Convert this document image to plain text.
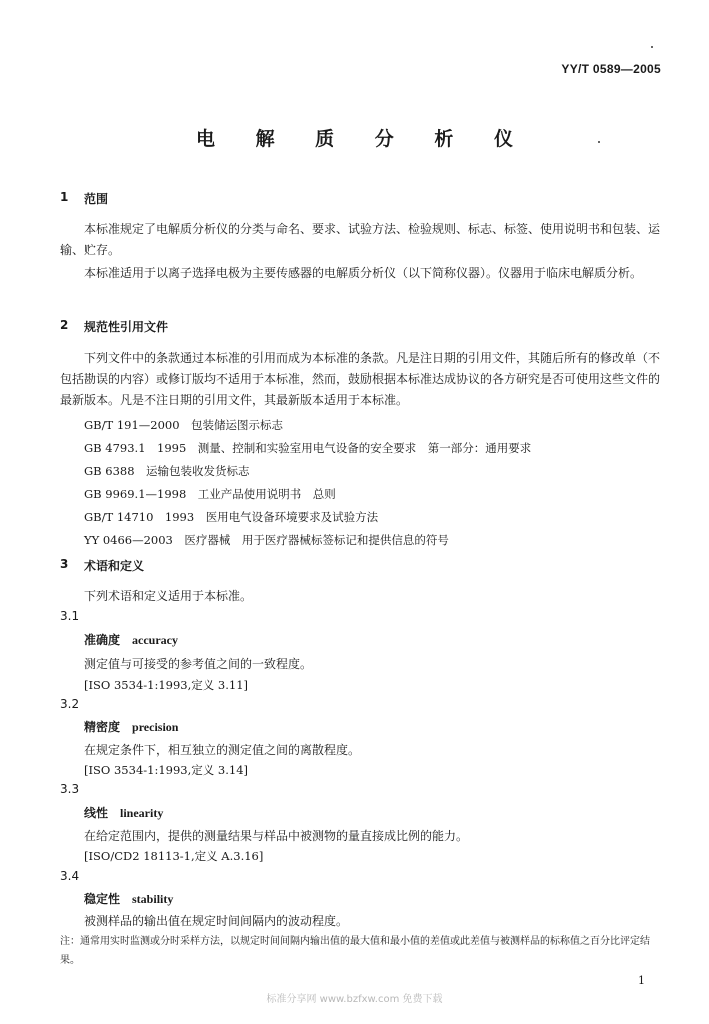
YY/T 0589—2005
电 解 质 分 析 仪
1 范围
本标准规定了电解质分析仪的分类与命名、要求、试验方法、检验规则、标志、标签、使用说明书和包装、运输、贮存。
本标准适用于以离子选择电极为主要传感器的电解质分析仪（以下简称仪器）。仪器用于临床电解质分析。
2 规范性引用文件
下列文件中的条款通过本标准的引用而成为本标准的条款。凡是注日期的引用文件，其随后所有的修改单（不包括勘误的内容）或修订版均不适用于本标准，然而，鼓励根据本标准达成协议的各方研究是否可使用这些文件的最新版本。凡是不注日期的引用文件，其最新版本适用于本标准。
GB/T 191—2000　包装储运图示标志
GB 4793.1　1995　测量、控制和实验室用电气设备的安全要求　第一部分：通用要求
GB 6388　运输包装收发货标志
GB 9969.1—1998　工业产品使用说明书　总则
GB/T 14710　1993　医用电气设备环境要求及试验方法
YY 0466—2003　医疗器械　用于医疗器械标签标记和提供信息的符号
3 术语和定义
下列术语和定义适用于本标准。
3.1
准确度 accuracy
测定值与可接受的参考值之间的一致程度。
[ISO 3534-1:1993,定义 3.11]
3.2
精密度 precision
在规定条件下，相互独立的测定值之间的离散程度。
[ISO 3534-1:1993,定义 3.14]
3.3
线性 linearity
在给定范围内，提供的测量结果与样品中被测物的量直接成比例的能力。
[ISO/CD2 18113-1,定义 A.3.16]
3.4
稳定性 stability
被测样品的输出值在规定时间间隔内的波动程度。
注：通常用实时监测或分时采样方法，以规定时间间隔内输出值的最大值和最小值的差值或此差值与被测样品的标称值之百分比评定结果。
1
标准分享网 www.bzfxw.com 免费下载
